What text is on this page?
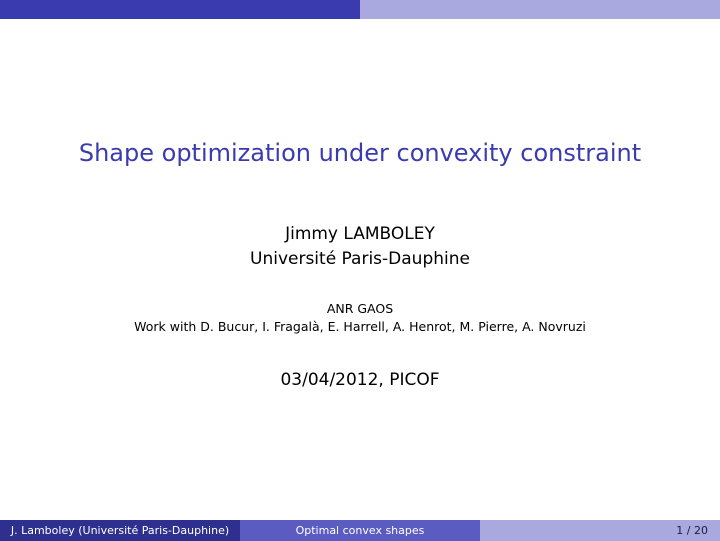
Shape optimization under convexity constraint
Jimmy LAMBOLEY
Université Paris-Dauphine
ANR GAOS
Work with D. Bucur, I. Fragalà, E. Harrell, A. Henrot, M. Pierre, A. Novruzi
03/04/2012, PICOF
J. Lamboley (Université Paris-Dauphine)	Optimal convex shapes	1 / 20
